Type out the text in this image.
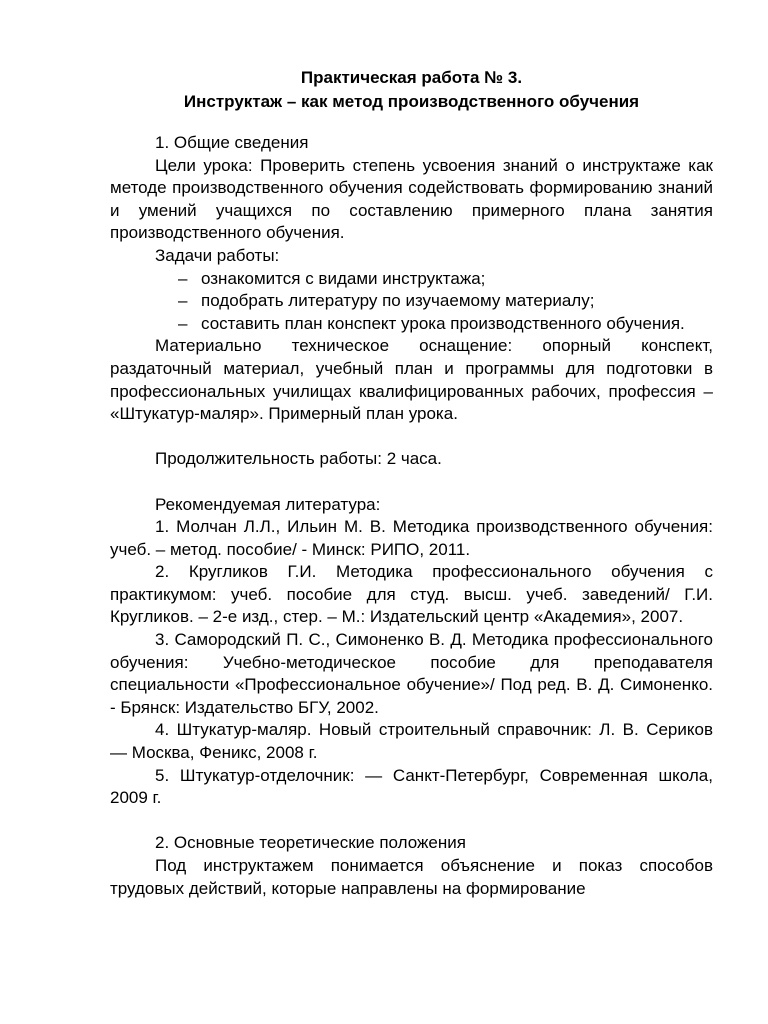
Практическая работа № 3.
Инструктаж – как метод производственного обучения

1. Общие сведения

Цели урока: Проверить степень усвоения знаний о инструктаже как методе производственного обучения содействовать формированию знаний и умений учащихся по составлению примерного плана занятия производственного обучения.

Задачи работы:

– ознакомится с видами инструктажа;
– подобрать литературу по изучаемому материалу;
– составить план конспект урока производственного обучения.

Материально техническое оснащение: опорный конспект, раздаточный материал, учебный план и программы для подготовки в профессиональных училищах квалифицированных рабочих, профессия – «Штукатур-маляр». Примерный план урока.

Продолжительность работы: 2 часа.

Рекомендуемая литература:

1. Молчан Л.Л., Ильин М. В. Методика производственного обучения: учеб. – метод. пособие/ - Минск: РИПО, 2011.

2. Кругликов Г.И. Методика профессионального обучения с практикумом: учеб. пособие для студ. высш. учеб. заведений/ Г.И. Кругликов. – 2-е изд., стер. – М.: Издательский центр «Академия», 2007.

3. Самородский П. С., Симоненко В. Д. Методика профессионального обучения: Учебно-методическое пособие для преподавателя специальности «Профессиональное обучение»/ Под ред. В. Д. Симоненко. - Брянск: Издательство БГУ, 2002.

4. Штукатур-маляр. Новый строительный справочник: Л. В. Сериков — Москва, Феникс, 2008 г.

5. Штукатур-отделочник: — Санкт-Петербург, Современная школа, 2009 г.

2. Основные теоретические положения

Под инструктажем понимается объяснение и показ способов трудовых действий, которые направлены на формирование
